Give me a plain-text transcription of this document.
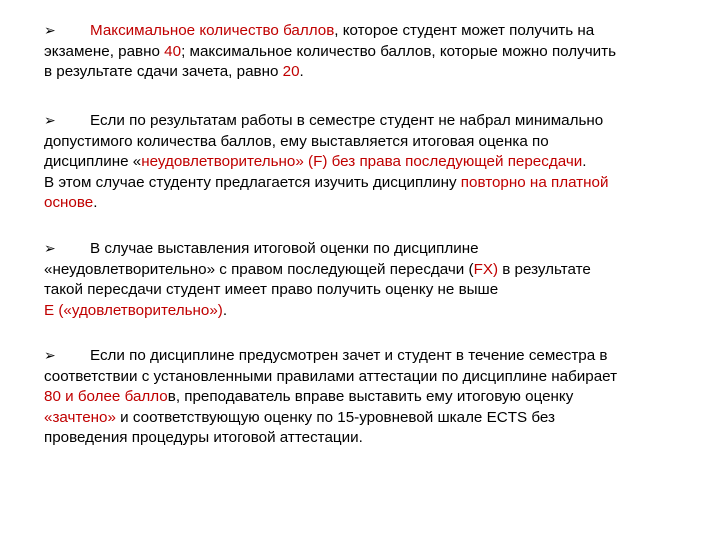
➢ Максимальное количество баллов, которое студент может получить на
экзамене, равно 40; максимальное количество баллов, которые можно получить
в результате сдачи зачета, равно 20.
➢ Если по результатам работы в семестре студент не набрал минимально
допустимого количества баллов, ему выставляется итоговая оценка по
дисциплине «неудовлетворительно» (F) без права последующей пересдачи.
В этом случае студенту предлагается изучить дисциплину повторно на платной
основе.
➢ В случае выставления итоговой оценки по дисциплине
«неудовлетворительно» с правом последующей пересдачи (FX) в результате
такой пересдачи студент имеет право получить оценку не выше
Е («удовлетворительно»).
➢ Если по дисциплине предусмотрен зачет и студент в течение семестра в
соответствии с установленными правилами аттестации по дисциплине набирает
80 и более баллов, преподаватель вправе выставить ему итоговую оценку
«зачтено» и соответствующую оценку по 15-уровневой шкале ECTS без
проведения процедуры итоговой аттестации.
